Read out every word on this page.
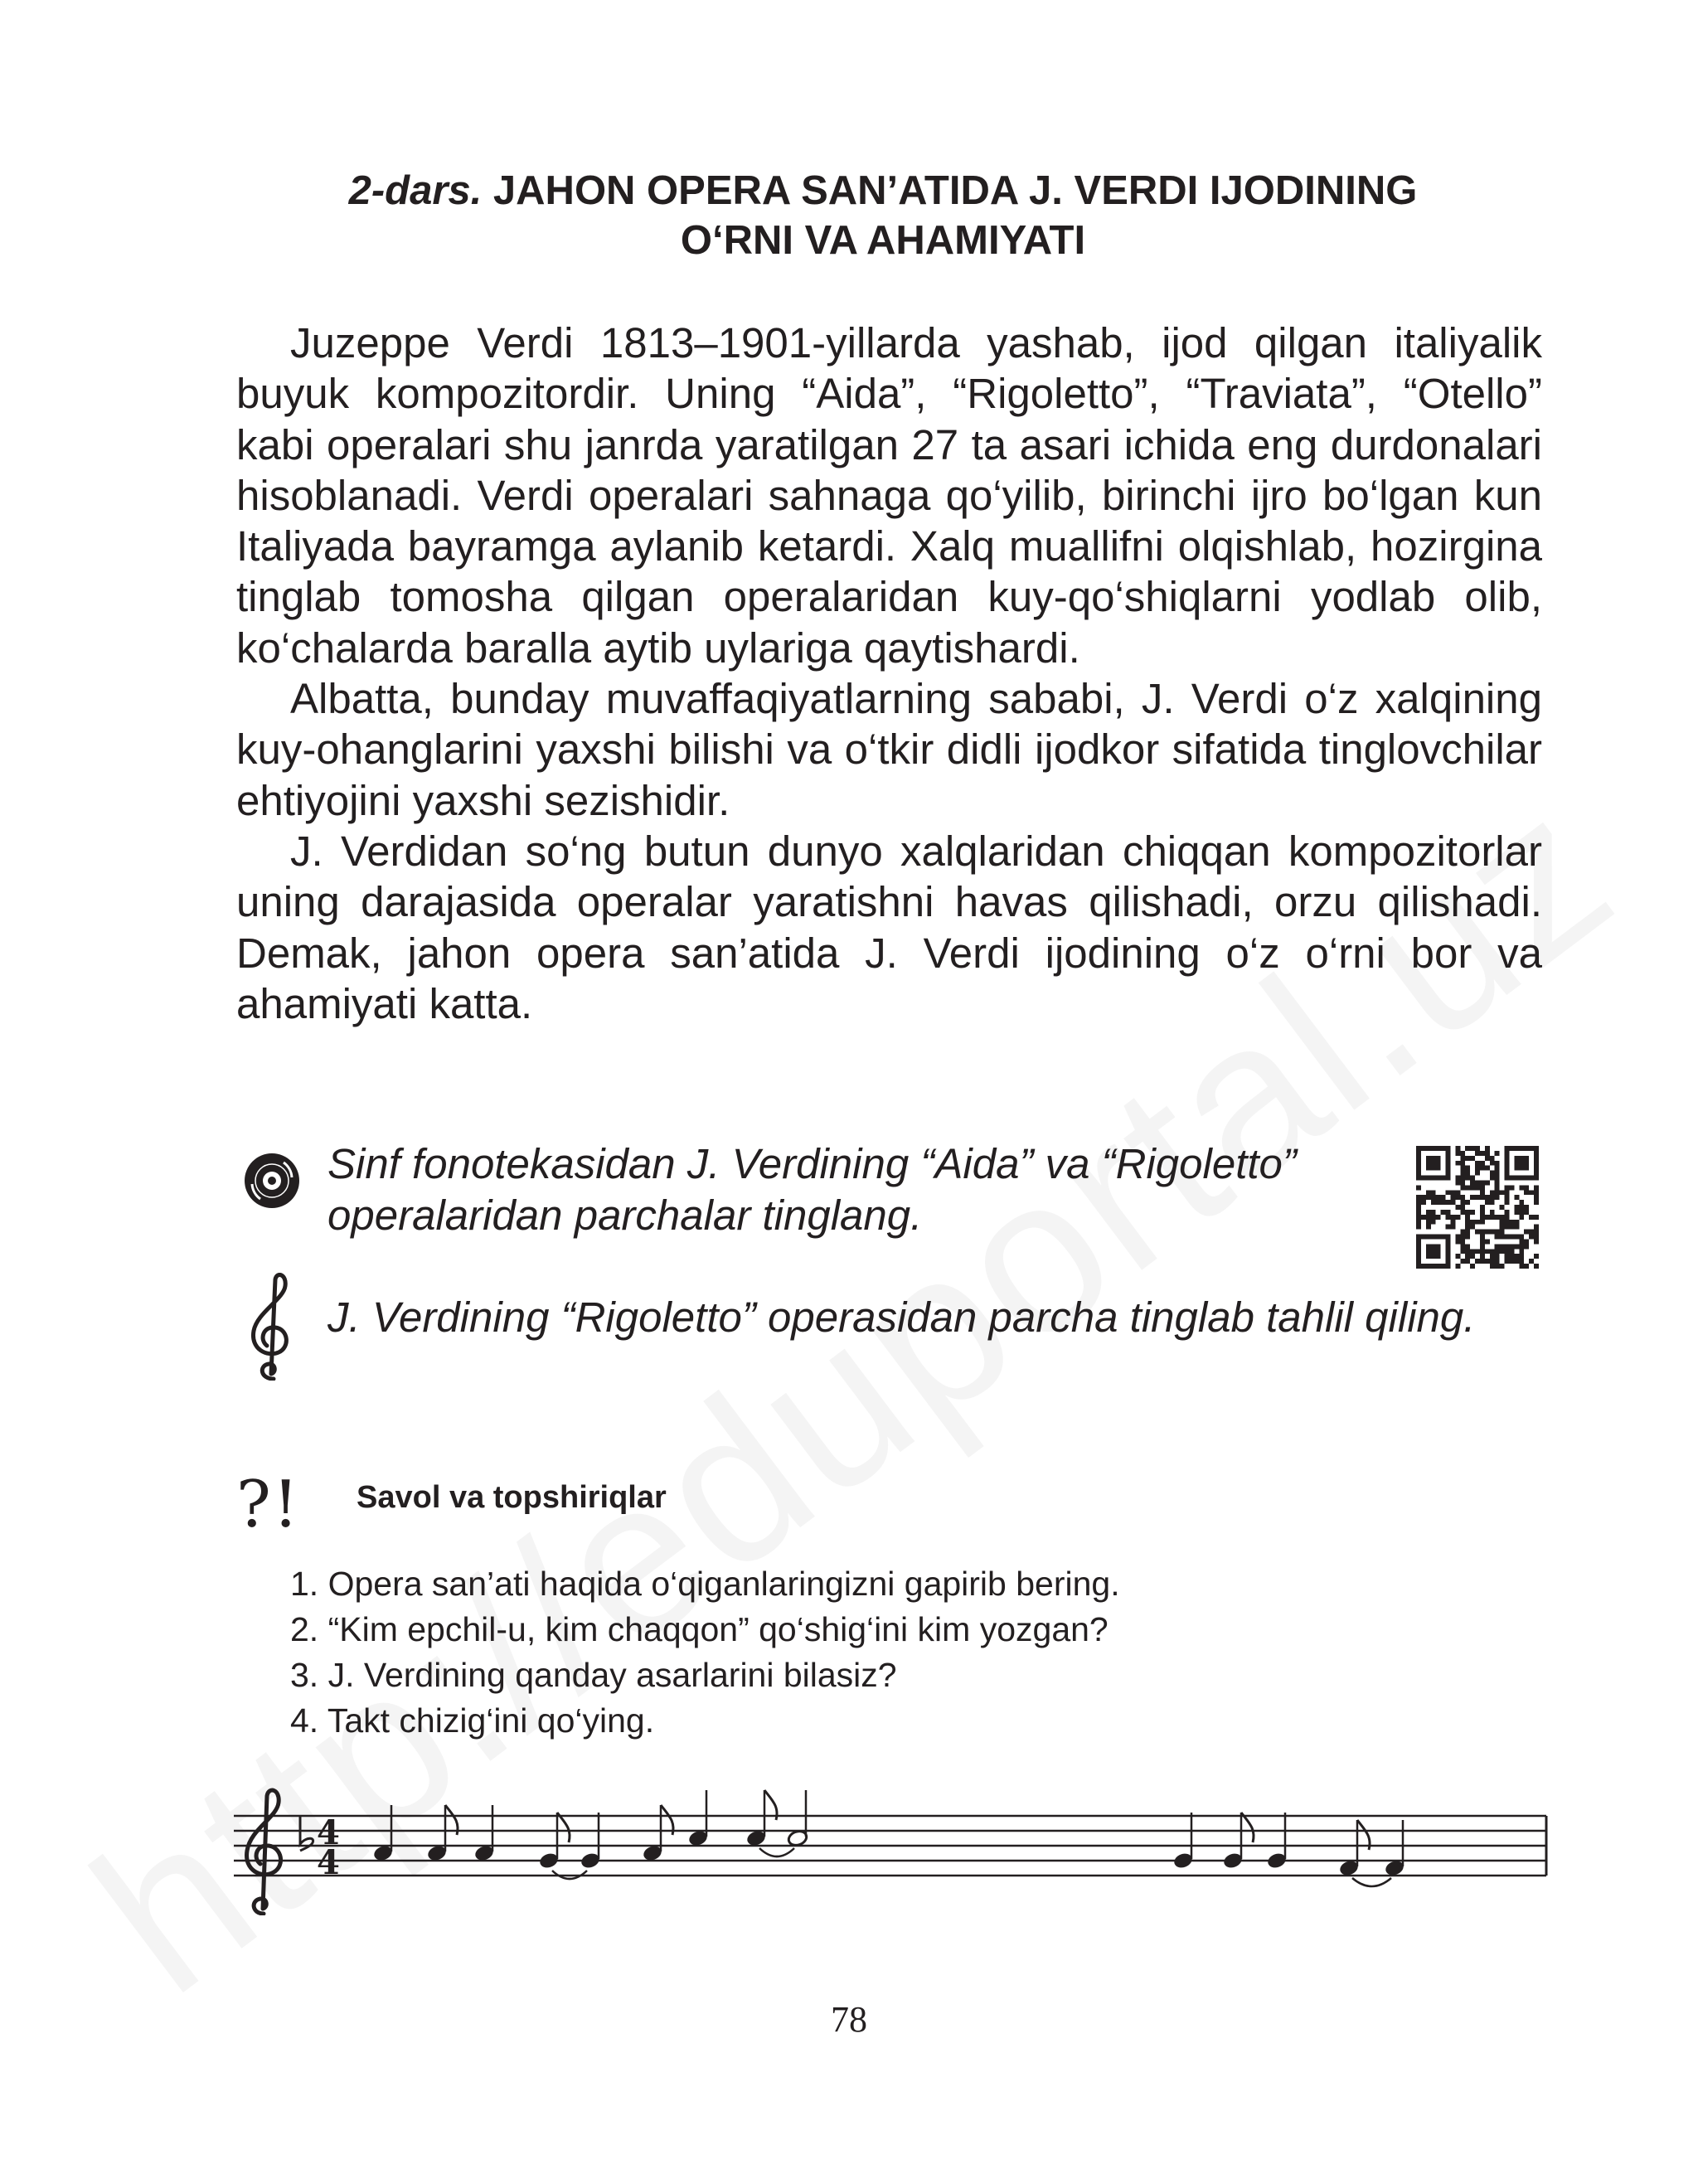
2-dars. JAHON OPERA SAN’ATIDA J. VERDI IJODINING
O‘RNI VA AHAMIYATI

Juzeppe Verdi 1813–1901-yillarda yashab, ijod qilgan italiyalik buyuk kompozitordir. Uning “Aida”, “Rigoletto”, “Traviata”, “Otello” kabi operalari shu janrda yaratilgan 27 ta asari ichida eng durdonalari hisoblanadi. Verdi operalari sahnaga qo‘yilib, birinchi ijro bo‘lgan kun Italiyada bayramga aylanib ketardi. Xalq muallifni olqishlab, hozirgina tinglab tomosha qilgan operalaridan kuy-qo‘shiqlarni yodlab olib, ko‘chalarda baralla aytib uylariga qaytishardi.

Albatta, bunday muvaffaqiyatlarning sababi, J. Verdi o‘z xalqining kuy-ohanglarini yaxshi bilishi va o‘tkir didli ijodkor sifatida tinglovchilar ehtiyojini yaxshi sezishidir.

J. Verdidan so‘ng butun dunyo xalqlaridan chiqqan kompozitorlar uning darajasida operalar yaratishni havas qilishadi, orzu qilishadi. Demak, jahon opera san’atida J. Verdi ijodining o‘z o‘rni bor va ahamiyati katta.

Sinf fonotekasidan J. Verdining “Aida” va “Rigoletto” operalaridan parchalar tinglang.
J. Verdining “Rigoletto” operasidan parcha tinglab tahlil qiling.
?! Savol va topshiriqlar
1. Opera san’ati haqida o‘qiganlaringizni gapirib bering.
2. “Kim epchil-u, kim chaqqon” qo‘shig‘ini kim yozgan?
3. J. Verdining qanday asarlarini bilasiz?
4. Takt chizig‘ini qo‘ying.
4
4
78
